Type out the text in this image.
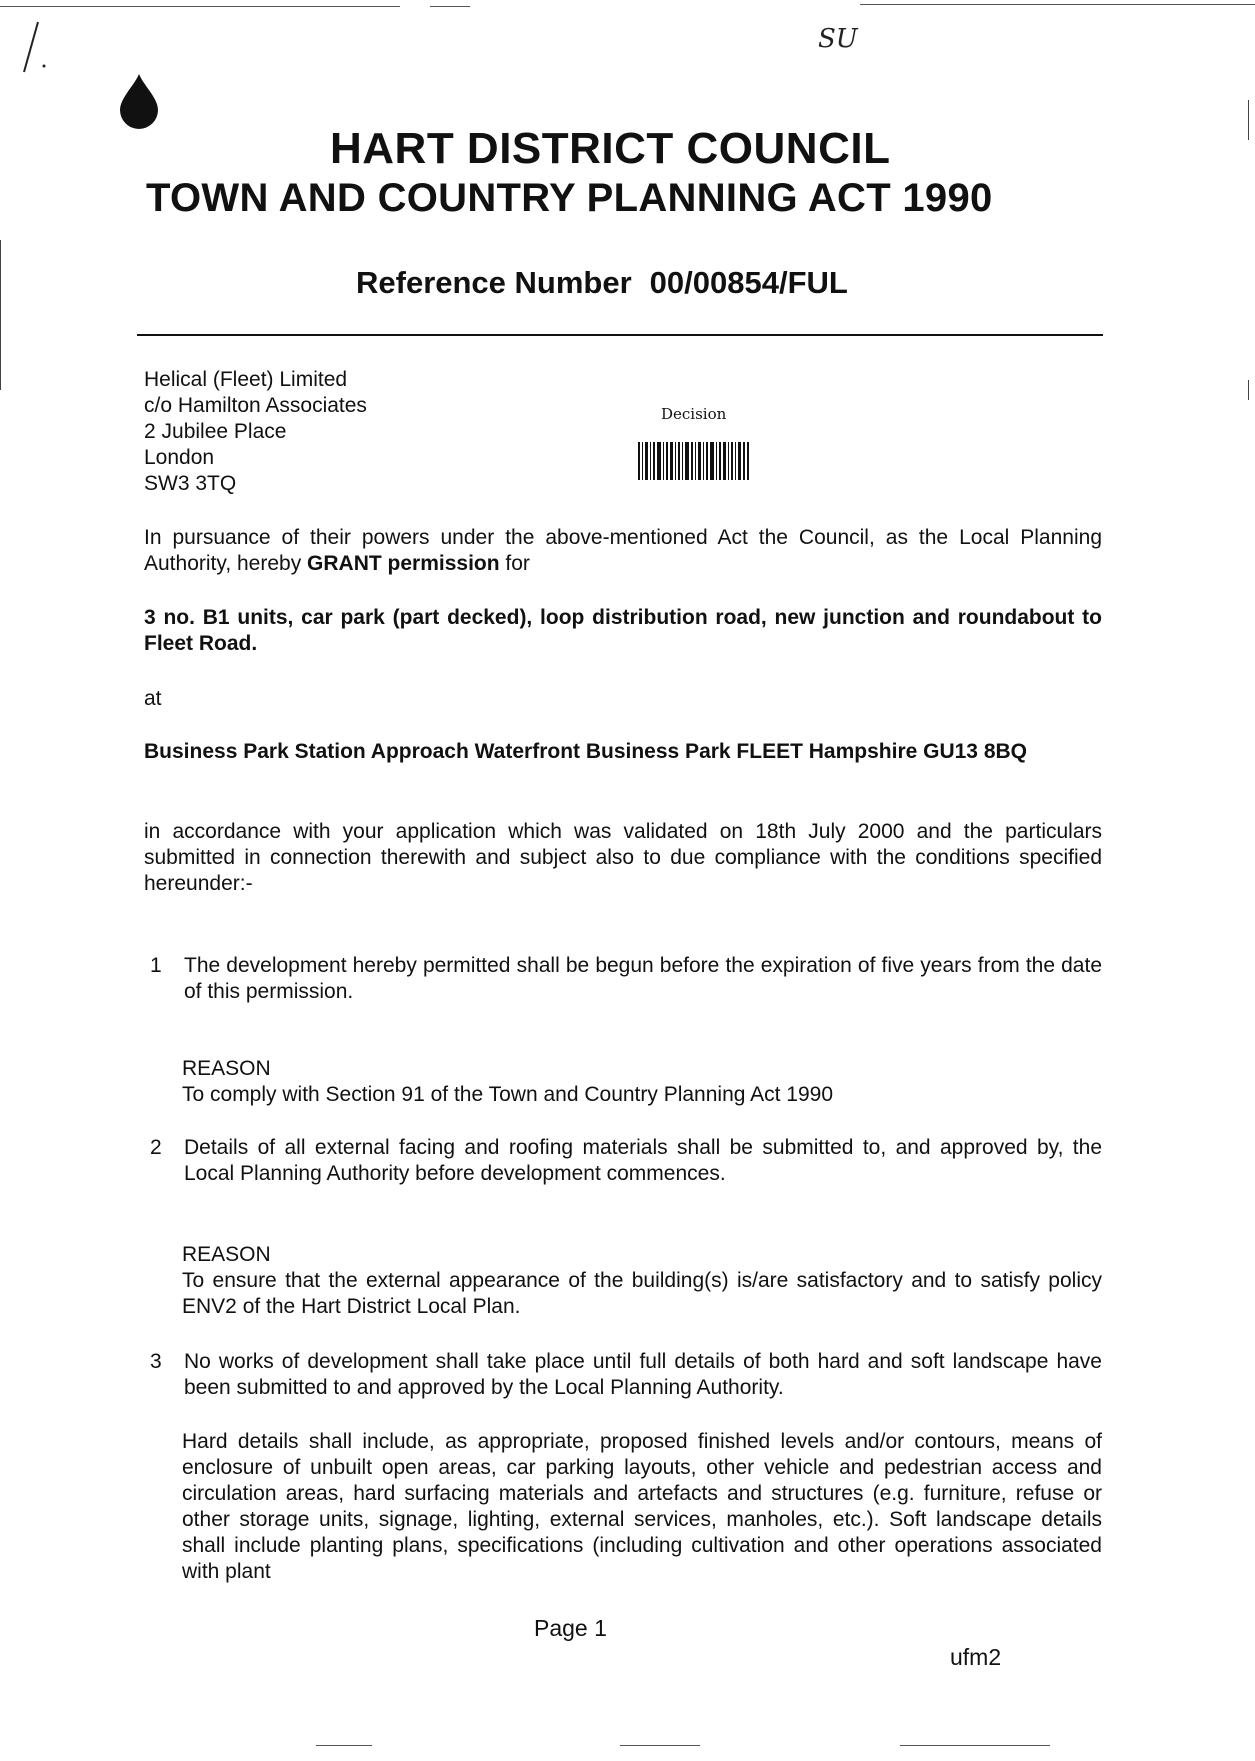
SU
HART DISTRICT COUNCIL
TOWN AND COUNTRY PLANNING ACT 1990
Reference Number 00/00854/FUL
Helical (Fleet) Limited
c/o Hamilton Associates
2 Jubilee Place
London
SW3 3TQ
Decision
In pursuance of their powers under the above-mentioned Act the Council, as the Local Planning Authority, hereby GRANT permission for
3 no. B1 units, car park (part decked), loop distribution road, new junction and roundabout to Fleet Road.
at
Business Park Station Approach Waterfront Business Park FLEET Hampshire GU13 8BQ
in accordance with your application which was validated on 18th July 2000 and the particulars submitted in connection therewith and subject also to due compliance with the conditions specified hereunder:-
1 The development hereby permitted shall be begun before the expiration of five years from the date of this permission.
REASON
To comply with Section 91 of the Town and Country Planning Act 1990
2 Details of all external facing and roofing materials shall be submitted to, and approved by, the Local Planning Authority before development commences.
REASON
To ensure that the external appearance of the building(s) is/are satisfactory and to satisfy policy ENV2 of the Hart District Local Plan.
3 No works of development shall take place until full details of both hard and soft landscape have been submitted to and approved by the Local Planning Authority.
Hard details shall include, as appropriate, proposed finished levels and/or contours, means of enclosure of unbuilt open areas, car parking layouts, other vehicle and pedestrian access and circulation areas, hard surfacing materials and artefacts and structures (e.g. furniture, refuse or other storage units, signage, lighting, external services, manholes, etc.). Soft landscape details shall include planting plans, specifications (including cultivation and other operations associated with plant
Page 1
ufm2
